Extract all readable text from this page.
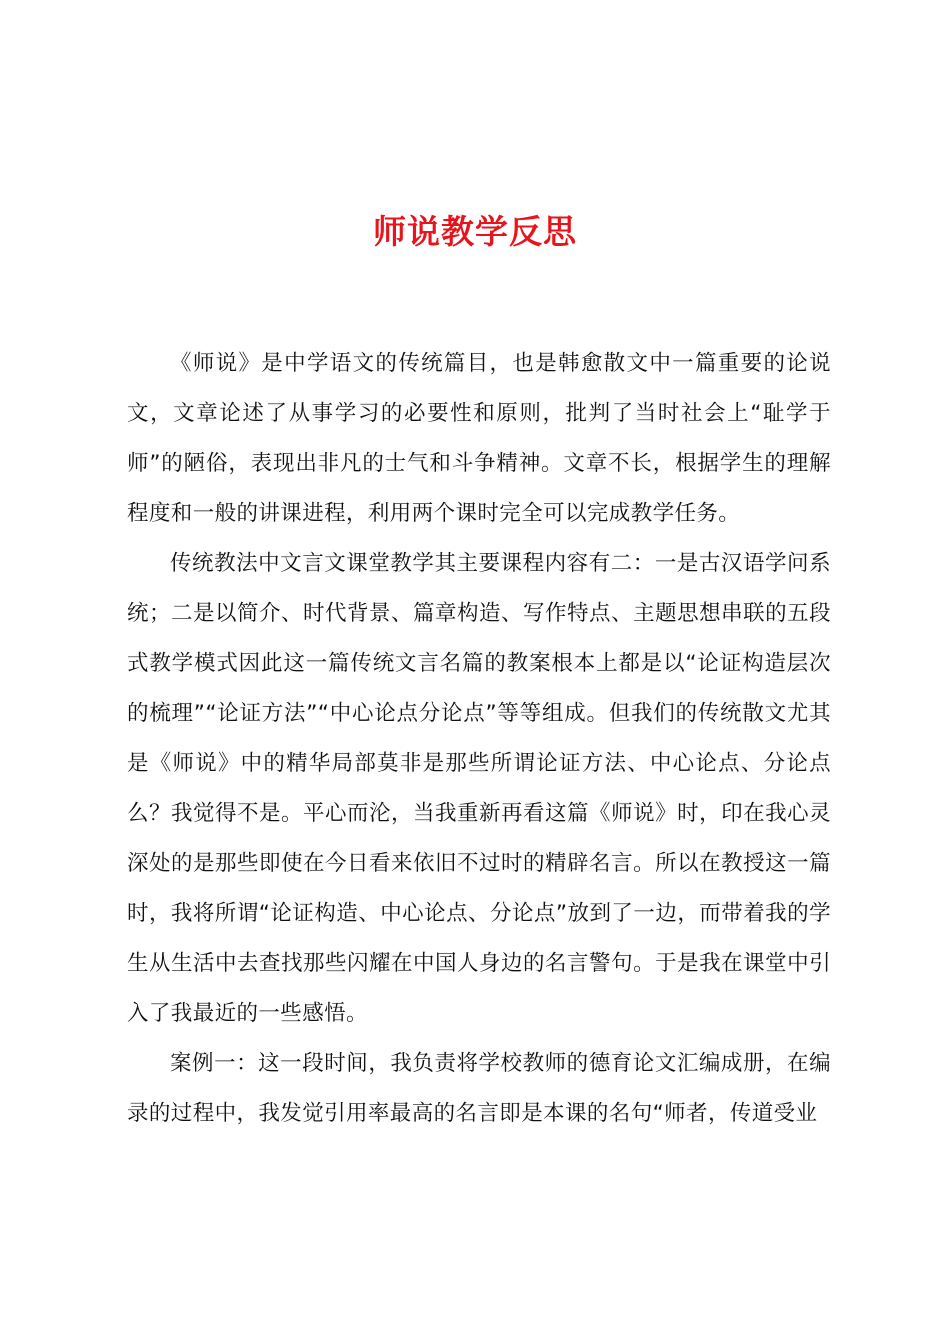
师说教学反思

《师说》是中学语文的传统篇目，也是韩愈散文中一篇重要的论说文，文章论述了从事学习的必要性和原则，批判了当时社会上“耻学于师”的陋俗，表现出非凡的士气和斗争精神。文章不长，根据学生的理解程度和一般的讲课进程，利用两个课时完全可以完成教学任务。

传统教法中文言文课堂教学其主要课程内容有二：一是古汉语学问系统；二是以简介、时代背景、篇章构造、写作特点、主题思想串联的五段式教学模式因此这一篇传统文言名篇的教案根本上都是以“论证构造层次的梳理”“论证方法”“中心论点分论点”等等组成。但我们的传统散文尤其是《师说》中的精华局部莫非是那些所谓论证方法、中心论点、分论点么？我觉得不是。平心而沦，当我重新再看这篇《师说》时，印在我心灵深处的是那些即使在今日看来依旧不过时的精辟名言。所以在教授这一篇时，我将所谓“论证构造、中心论点、分论点”放到了一边，而带着我的学生从生活中去查找那些闪耀在中国人身边的名言警句。于是我在课堂中引入了我最近的一些感悟。

案例一：这一段时间，我负责将学校教师的德育论文汇编成册，在编录的过程中，我发觉引用率最高的名言即是本课的名句“师者，传道受业
